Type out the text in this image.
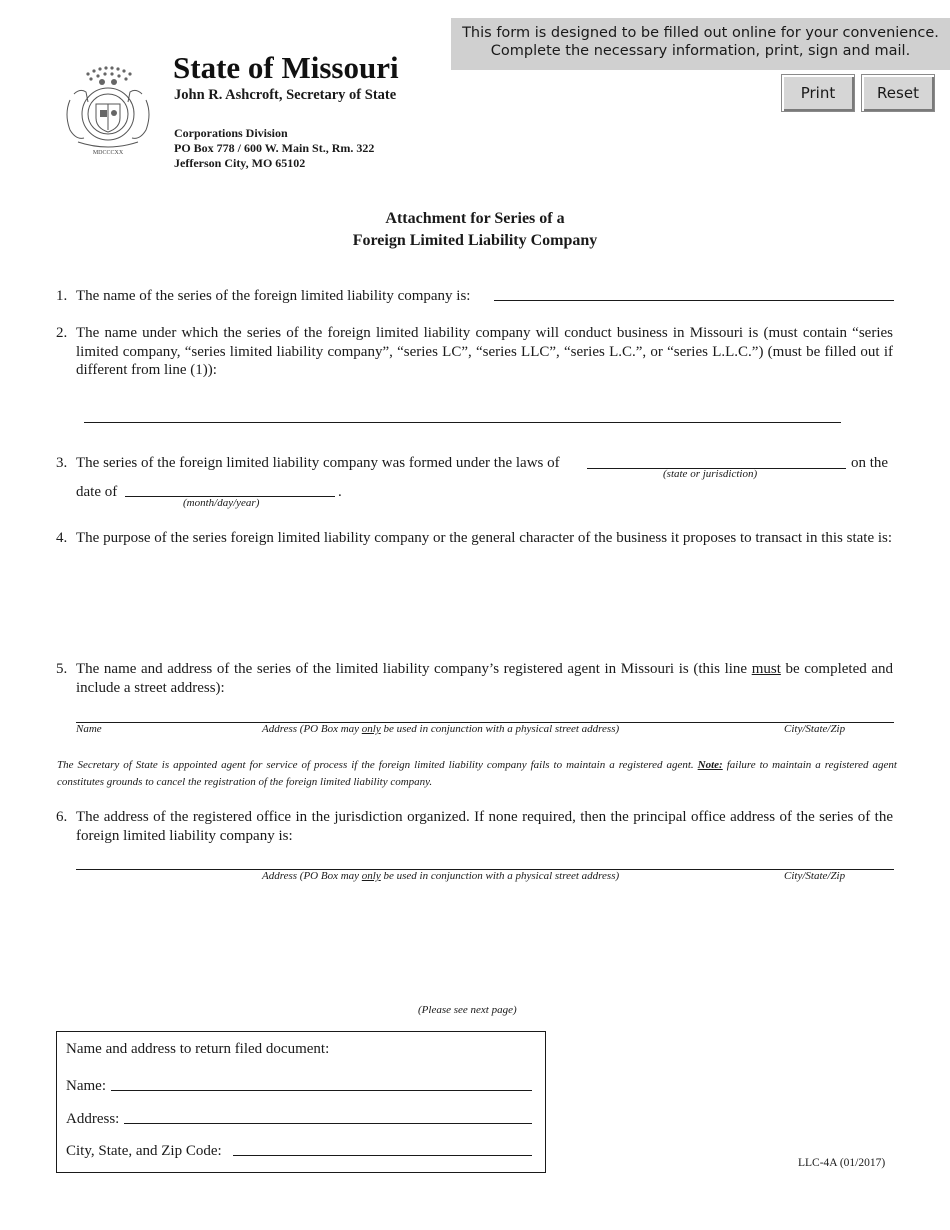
This form is designed to be filled out online for your convenience.
Complete the necessary information, print, sign and mail.
Print	Reset
MDCCCXX
State of Missouri
John R. Ashcroft, Secretary of State
Corporations Division
PO Box 778 / 600 W. Main St., Rm. 322
Jefferson City, MO 65102
Attachment for Series of a
Foreign Limited Liability Company
1. The name of the series of the foreign limited liability company is:
2. The name under which the series of the foreign limited liability company will conduct business in Missouri is (must contain “series limited company, “series limited liability company”, “series LC”, “series LLC”, “series L.C.”, or “series L.L.C.”) (must be filled out if different from line (1)):
3. The series of the foreign limited liability company was formed under the laws of	on the
(state or jurisdiction)
date of	.
(month/day/year)
4. The purpose of the series foreign limited liability company or the general character of the business it proposes to transact in this state is:
5. The name and address of the series of the limited liability company’s registered agent in Missouri is (this line must be completed and include a street address):
Name	Address (PO Box may only be used in conjunction with a physical street address)	City/State/Zip
The Secretary of State is appointed agent for service of process if the foreign limited liability company fails to maintain a registered agent. Note: failure to maintain a registered agent constitutes grounds to cancel the registration of the foreign limited liability company.
6. The address of the registered office in the jurisdiction organized. If none required, then the principal office address of the series of the foreign limited liability company is:
Address (PO Box may only be used in conjunction with a physical street address)	City/State/Zip
(Please see next page)
Name and address to return filed document:
Name:
Address:
City, State, and Zip Code:
LLC-4A (01/2017)
